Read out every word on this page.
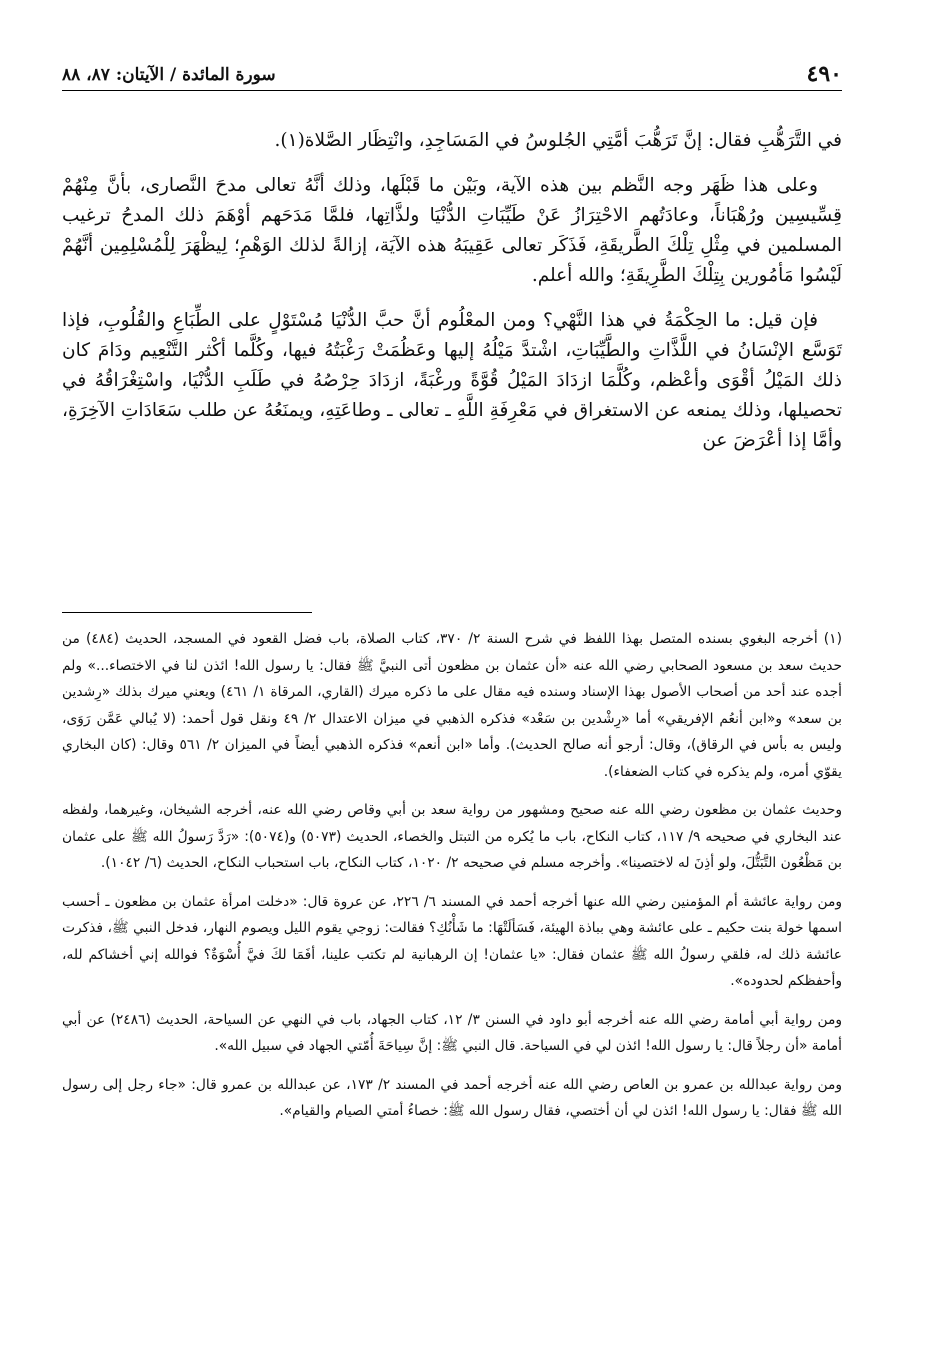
٤٩٠
سورة المائدة / الآيتان: ٨٧، ٨٨

في التَّرَهُّبِ فقال: إنَّ تَرَهُّبَ أمَّتِي الجُلوسُ في المَسَاجِدِ، وانْتِظَار الصَّلاة(١).

وعلى هذا ظَهَر وجه النَّظم بين هذه الآية، وبَيْن ما قَبْلَها، وذلك أنَّهُ تعالى مدحَ النَّصارى، بأنَّ مِنْهُمْ قِسِّيسِين ورُهْبَاناً، وعادَتُهم الاحْتِرَازُ عَنْ طَيِّبَاتِ الدُّنْيَا ولذَّاتِها، فلمَّا مَدَحَهم أوْهَمَ ذلك المدحُ ترغيب المسلمين في مِثْلِ تِلْكَ الطَّريقَةِ، فَذَكَر تعالى عَقِيبَهُ هذه الآيَة، إزالةً لذلك الوَهْمِ؛ لِيظْهَرَ لِلْمُسْلِمِين أنَّهُمْ لَيْسُوا مَأمُورين بِتِلْكَ الطَّرِيقَةِ؛ والله أعلم.

فإن قيل: ما الحِكْمَةُ في هذا النَّهْي؟ ومن المعْلُوم أنَّ حبَّ الدُّنْيَا مُسْتَوْلٍ على الطِّبَاعِ والقُلُوبِ، فإذا تَوَسَّع الإنْسَانُ في اللَّذَّاتِ والطَّيِّبَاتِ، اشْتدَّ مَيْلُهُ إليها وعَظُمَتْ رَغْبَتُهُ فيها، وكُلَّما أكْثر التَّنْعِيم ودَامَ كان ذلك المَيْلُ أقْوَى وأعْظم، وكُلَّمَا ازدَادَ المَيْلُ قُوَّةً ورغْبَةً، ازدَادَ حِرْصُهُ في طَلَبِ الدُّنْيَا، واسْتِغْرَاقُهُ في تحصيلها، وذلك يمنعه عن الاستغراق في مَعْرِفَةِ اللَّهِ ـ تعالى ـ وطاعَتِهِ، ويمنَعُهُ عن طلب سَعَادَاتِ الآخِرَةِ، وأمَّا إذا أعْرَضَ عن

(١) أخرجه البغوي بسنده المتصل بهذا اللفظ في شرح السنة ٢/ ٣٧٠، كتاب الصلاة، باب فضل القعود في المسجد، الحديث (٤٨٤) من حديث سعد بن مسعود الصحابي رضي الله عنه «أن عثمان بن مظعون أتى النبيَّ ﷺ فقال: يا رسول الله! ائذن لنا في الاختصاء...» ولم أجده عند أحد من أصحاب الأصول بهذا الإسناد وسنده فيه مقال على ما ذكره ميرك (القاري، المرقاة ١/ ٤٦١) ويعني ميرك بذلك «رِشدين بن سعد» و«ابن أنعُم الإفريقي» أما «رِشْدين بن سَعْد» فذكره الذهبي في ميزان الاعتدال ٢/ ٤٩ ونقل قول أحمد: (لا يُبالي عَمَّن رَوَى، وليس به بأس في الرقاق)، وقال: أرجو أنه صالح الحديث). وأما «ابن أنعم» فذكره الذهبي أيضاً في الميزان ٢/ ٥٦١ وقال: (كان البخاري يقوّي أمره، ولم يذكره في كتاب الضعفاء).

وحديث عثمان بن مظعون رضي الله عنه صحيح ومشهور من رواية سعد بن أبي وقاص رضي الله عنه، أخرجه الشيخان، وغيرهما، ولفظه عند البخاري في صحيحه ٩/ ١١٧، كتاب النكاح، باب ما يُكره من التبتل والخصاء، الحديث (٥٠٧٣) و(٥٠٧٤): «رَدَّ رَسولُ الله ﷺ على عثمان بن مَظْعُون التَّبَتُّلَ، ولو أذِنَ له لاختصينا». وأخرجه مسلم في صحيحه ٢/ ١٠٢٠، كتاب النكاح، باب استحباب النكاح، الحديث (٦/ ١٠٤٢).

ومن رواية عائشة أم المؤمنين رضي الله عنها أخرجه أحمد في المسند ٦/ ٢٢٦، عن عروة قال: «دخلت امرأة عثمان بن مظعون ـ أحسب اسمها خولة بنت حكيم ـ على عائشة وهي بباذة الهيئة، فَسَألَتْهَا: ما شَأْنُكِ؟ فقالت: زوجي يقوم الليل ويصوم النهار، فدخل النبي ﷺ، فذكرت عائشة ذلك له، فلقي رسولُ الله ﷺ عثمان فقال: «يا عثمان! إن الرهبانية لم تكتب علينا، أفَمَا لكَ فيَّ أُسْوَةٌ؟ فوالله إني أخشاكم لله، وأحفظكم لحدوده».

ومن رواية أبي أمامة رضي الله عنه أخرجه أبو داود في السنن ٣/ ١٢، كتاب الجهاد، باب في النهي عن السياحة، الحديث (٢٤٨٦) عن أبي أمامة «أن رجلاً قال: يا رسول الله! ائذن لي في السياحة. قال النبي ﷺ: إنَّ سِياحَةَ أُمّتي الجهاد في سبيل الله».

ومن رواية عبدالله بن عمرو بن العاص رضي الله عنه أخرجه أحمد في المسند ٢/ ١٧٣، عن عبدالله بن عمرو قال: «جاء رجل إلى رسول الله ﷺ فقال: يا رسول الله! ائذن لي أن أختصي، فقال رسول الله ﷺ: خصاءُ أمتي الصيام والقيام».
